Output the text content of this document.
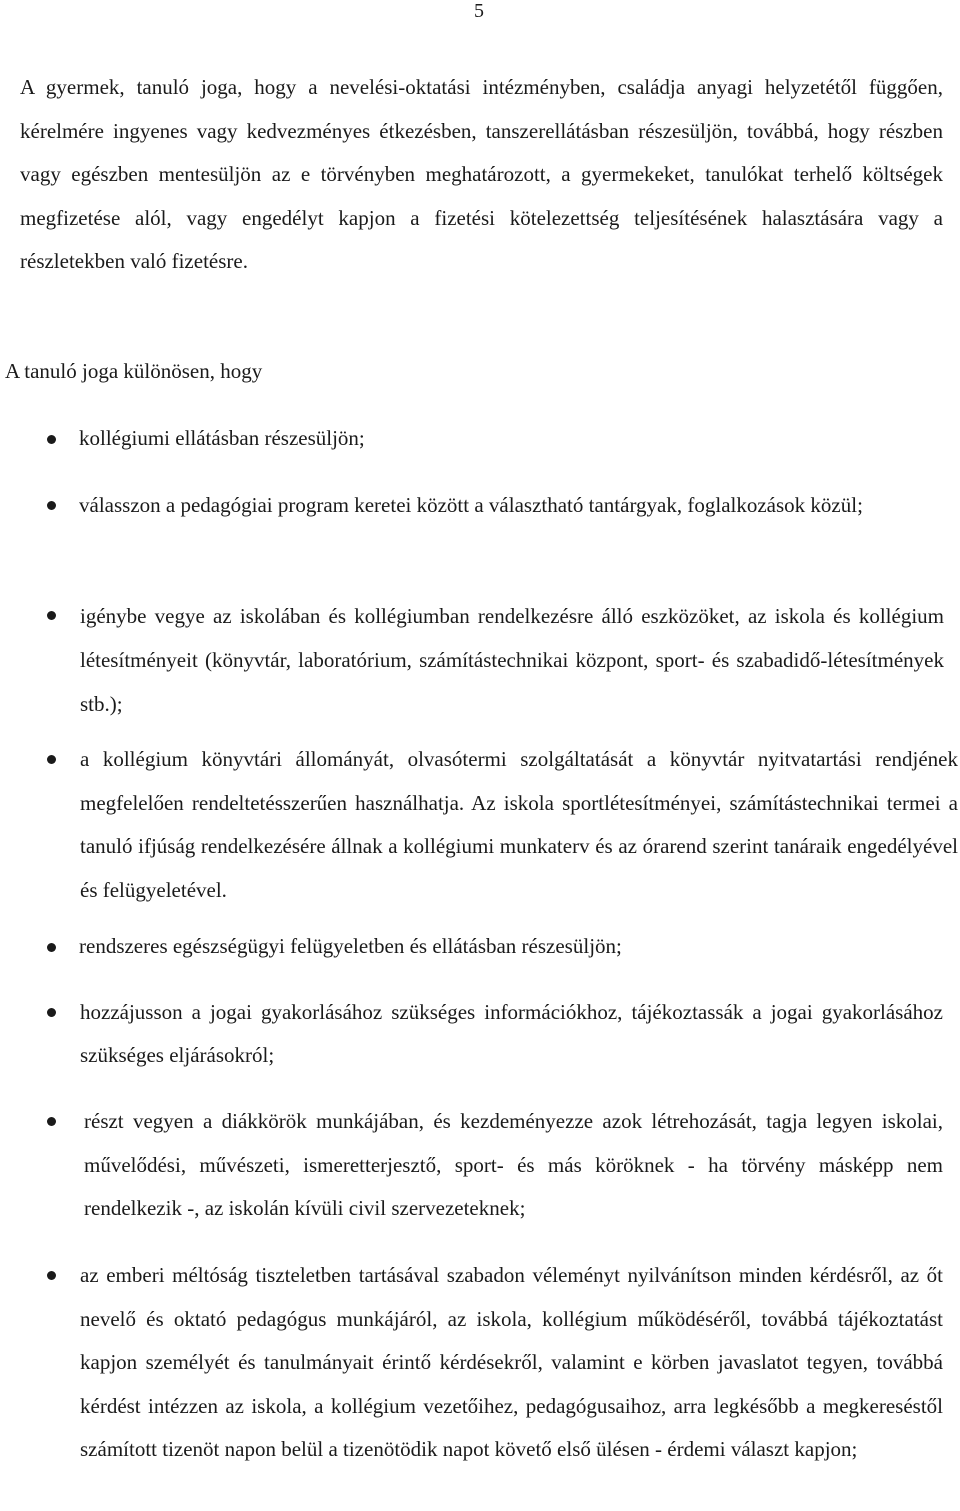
5

A gyermek, tanuló joga, hogy a nevelési-oktatási intézményben, családja anyagi helyzetétől függően, kérelmére ingyenes vagy kedvezményes étkezésben, tanszerellátásban részesüljön, továbbá, hogy részben vagy egészben mentesüljön az e törvényben meghatározott, a gyermekeket, tanulókat terhelő költségek megfizetése alól, vagy engedélyt kapjon a fizetési kötelezettség teljesítésének halasztására vagy a részletekben való fizetésre.

A tanuló joga különösen, hogy

kollégiumi ellátásban részesüljön;
válasszon a pedagógiai program keretei között a választható tantárgyak, foglalkozások közül;
igénybe vegye az iskolában és kollégiumban rendelkezésre álló eszközöket, az iskola és kollégium létesítményeit (könyvtár, laboratórium, számítástechnikai központ, sport- és szabadidő-létesítmények stb.);
a kollégium könyvtári állományát, olvasótermi szolgáltatását a könyvtár nyitvatartási rendjének megfelelően rendeltetésszerűen használhatja. Az iskola sportlétesítményei, számítástechnikai termei a tanuló ifjúság rendelkezésére állnak a kollégiumi munkaterv és az órarend szerint tanáraik engedélyével és felügyeletével.
rendszeres egészségügyi felügyeletben és ellátásban részesüljön;
hozzájusson a jogai gyakorlásához szükséges információkhoz, tájékoztassák a jogai gyakorlásához szükséges eljárásokról;
részt vegyen a diákkörök munkájában, és kezdeményezze azok létrehozását, tagja legyen iskolai, művelődési, művészeti, ismeretterjesztő, sport- és más köröknek - ha törvény másképp nem rendelkezik -, az iskolán kívüli civil szervezeteknek;
az emberi méltóság tiszteletben tartásával szabadon véleményt nyilvánítson minden kérdésről, az őt nevelő és oktató pedagógus munkájáról, az iskola, kollégium működéséről, továbbá tájékoztatást kapjon személyét és tanulmányait érintő kérdésekről, valamint e körben javaslatot tegyen, továbbá kérdést intézzen az iskola, a kollégium vezetőihez, pedagógusaihoz, arra legkésőbb a megkereséstől számított tizenöt napon belül a tizenötödik napot követő első ülésen - érdemi választ kapjon;
